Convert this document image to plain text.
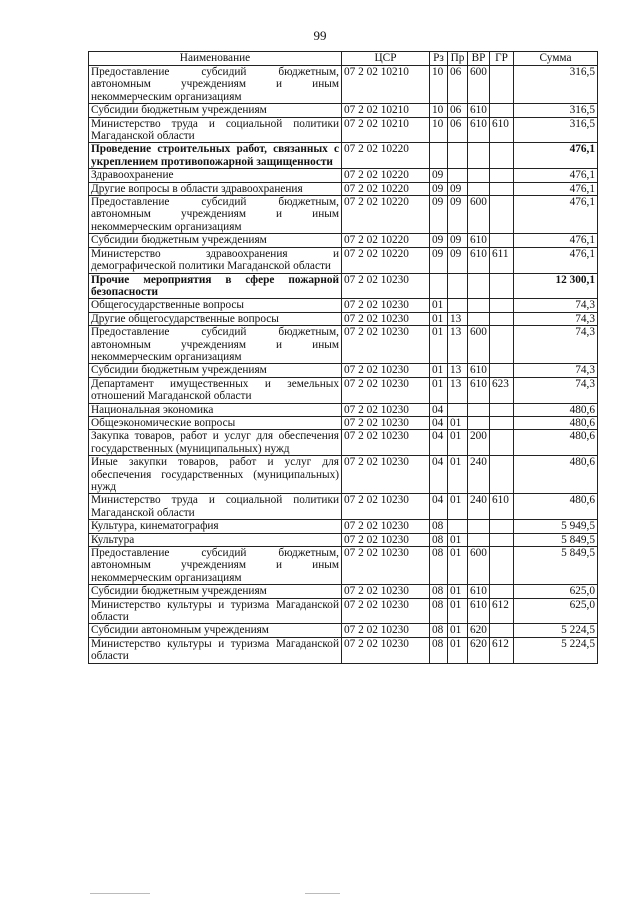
99
Наименование	ЦСР	Рз	Пр	ВР	ГР	Сумма
Предоставление субсидий бюджетным, автономным учреждениям и иным некоммерческим организациям	07 2 02 10210	10	06	600		316,5
Субсидии бюджетным учреждениям	07 2 02 10210	10	06	610		316,5
Министерство труда и социальной политики Магаданской области	07 2 02 10210	10	06	610	610	316,5
Проведение строительных работ, связанных с укреплением противопожарной защищенности	07 2 02 10220					476,1
Здравоохранение	07 2 02 10220	09				476,1
Другие вопросы в области здравоохранения	07 2 02 10220	09	09			476,1
Предоставление субсидий бюджетным, автономным учреждениям и иным некоммерческим организациям	07 2 02 10220	09	09	600		476,1
Субсидии бюджетным учреждениям	07 2 02 10220	09	09	610		476,1
Министерство здравоохранения и демографической политики Магаданской области	07 2 02 10220	09	09	610	611	476,1
Прочие мероприятия в сфере пожарной безопасности	07 2 02 10230					12 300,1
Общегосударственные вопросы	07 2 02 10230	01				74,3
Другие общегосударственные вопросы	07 2 02 10230	01	13			74,3
Предоставление субсидий бюджетным, автономным учреждениям и иным некоммерческим организациям	07 2 02 10230	01	13	600		74,3
Субсидии бюджетным учреждениям	07 2 02 10230	01	13	610		74,3
Департамент имущественных и земельных отношений Магаданской области	07 2 02 10230	01	13	610	623	74,3
Национальная экономика	07 2 02 10230	04				480,6
Общеэкономические вопросы	07 2 02 10230	04	01			480,6
Закупка товаров, работ и услуг для обеспечения государственных (муниципальных) нужд	07 2 02 10230	04	01	200		480,6
Иные закупки товаров, работ и услуг для обеспечения государственных (муниципальных) нужд	07 2 02 10230	04	01	240		480,6
Министерство труда и социальной политики Магаданской области	07 2 02 10230	04	01	240	610	480,6
Культура, кинематография	07 2 02 10230	08				5 949,5
Культура	07 2 02 10230	08	01			5 849,5
Предоставление субсидий бюджетным, автономным учреждениям и иным некоммерческим организациям	07 2 02 10230	08	01	600		5 849,5
Субсидии бюджетным учреждениям	07 2 02 10230	08	01	610		625,0
Министерство культуры и туризма Магаданской области	07 2 02 10230	08	01	610	612	625,0
Субсидии автономным учреждениям	07 2 02 10230	08	01	620		5 224,5
Министерство культуры и туризма Магаданской области	07 2 02 10230	08	01	620	612	5 224,5
